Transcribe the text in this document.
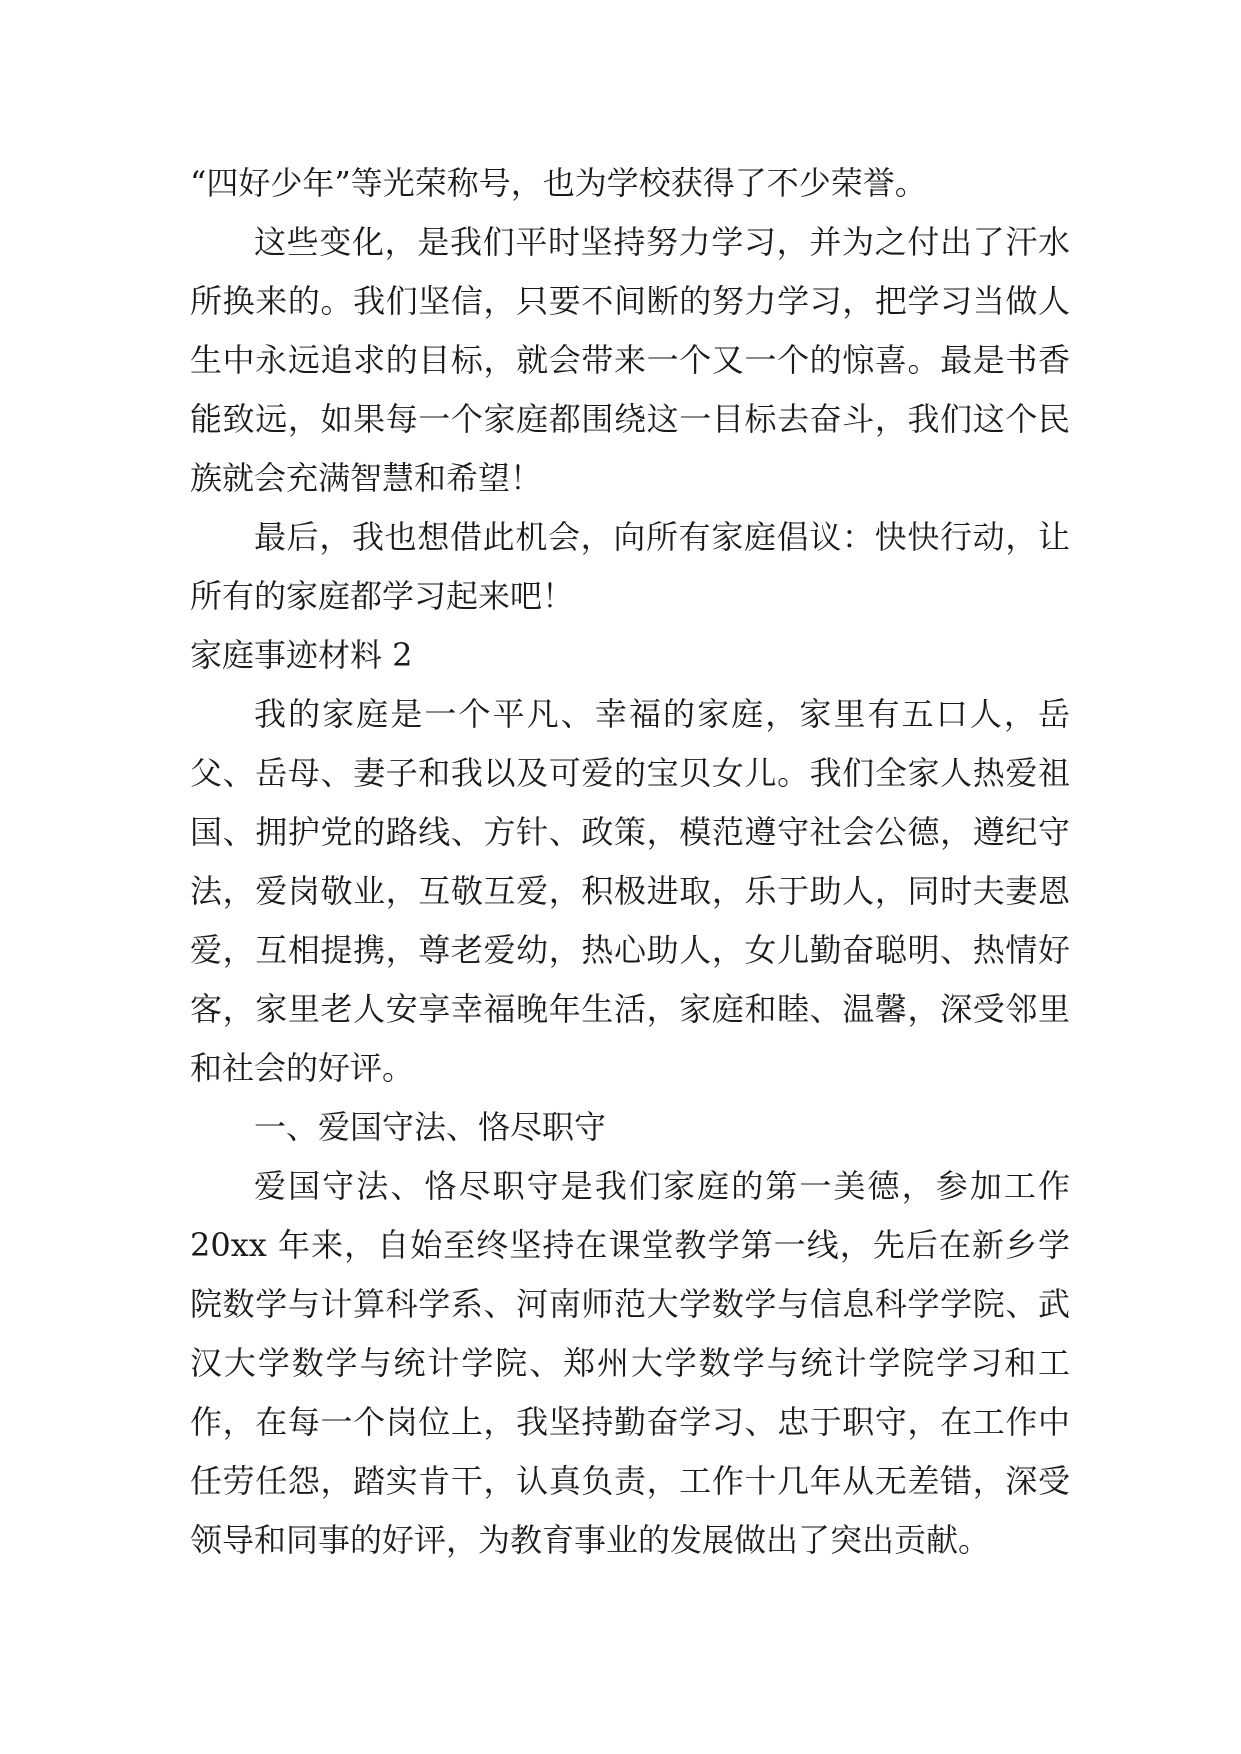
“四好少年”等光荣称号，也为学校获得了不少荣誉。

这些变化，是我们平时坚持努力学习，并为之付出了汗水所换来的。我们坚信，只要不间断的努力学习，把学习当做人生中永远追求的目标，就会带来一个又一个的惊喜。最是书香能致远，如果每一个家庭都围绕这一目标去奋斗，我们这个民族就会充满智慧和希望！

最后，我也想借此机会，向所有家庭倡议：快快行动，让所有的家庭都学习起来吧！

家庭事迹材料 2

我的家庭是一个平凡、幸福的家庭，家里有五口人，岳父、岳母、妻子和我以及可爱的宝贝女儿。我们全家人热爱祖国、拥护党的路线、方针、政策，模范遵守社会公德，遵纪守法，爱岗敬业，互敬互爱，积极进取，乐于助人，同时夫妻恩爱，互相提携，尊老爱幼，热心助人，女儿勤奋聪明、热情好客，家里老人安享幸福晚年生活，家庭和睦、温馨，深受邻里和社会的好评。

一、爱国守法、恪尽职守

爱国守法、恪尽职守是我们家庭的第一美德，参加工作 20xx 年来，自始至终坚持在课堂教学第一线，先后在新乡学院数学与计算科学系、河南师范大学数学与信息科学学院、武汉大学数学与统计学院、郑州大学数学与统计学院学习和工作，在每一个岗位上，我坚持勤奋学习、忠于职守，在工作中任劳任怨，踏实肯干，认真负责，工作十几年从无差错，深受领导和同事的好评，为教育事业的发展做出了突出贡献。
